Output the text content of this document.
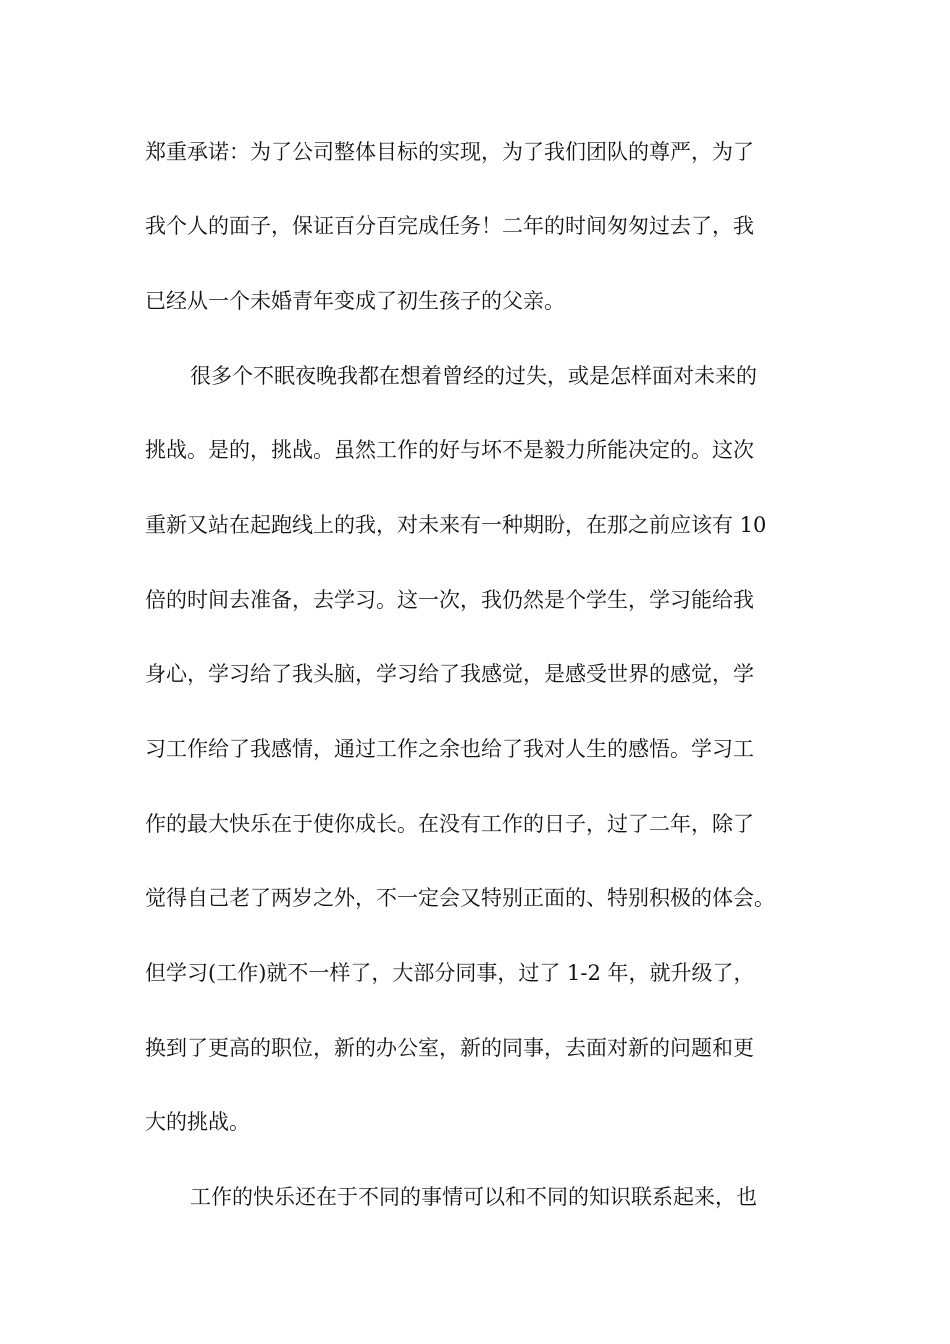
郑重承诺：为了公司整体目标的实现，为了我们团队的尊严，为了
我个人的面子，保证百分百完成任务！二年的时间匆匆过去了，我
已经从一个未婚青年变成了初生孩子的父亲。
很多个不眠夜晚我都在想着曾经的过失，或是怎样面对未来的
挑战。是的，挑战。虽然工作的好与坏不是毅力所能决定的。这次
重新又站在起跑线上的我，对未来有一种期盼，在那之前应该有 10
倍的时间去准备，去学习。这一次，我仍然是个学生，学习能给我
身心，学习给了我头脑，学习给了我感觉，是感受世界的感觉，学
习工作给了我感情，通过工作之余也给了我对人生的感悟。学习工
作的最大快乐在于使你成长。在没有工作的日子，过了二年，除了
觉得自己老了两岁之外，不一定会又特别正面的、特别积极的体会。
但学习(工作)就不一样了，大部分同事，过了 1-2 年，就升级了，
换到了更高的职位，新的办公室，新的同事，去面对新的问题和更
大的挑战。
工作的快乐还在于不同的事情可以和不同的知识联系起来，也
